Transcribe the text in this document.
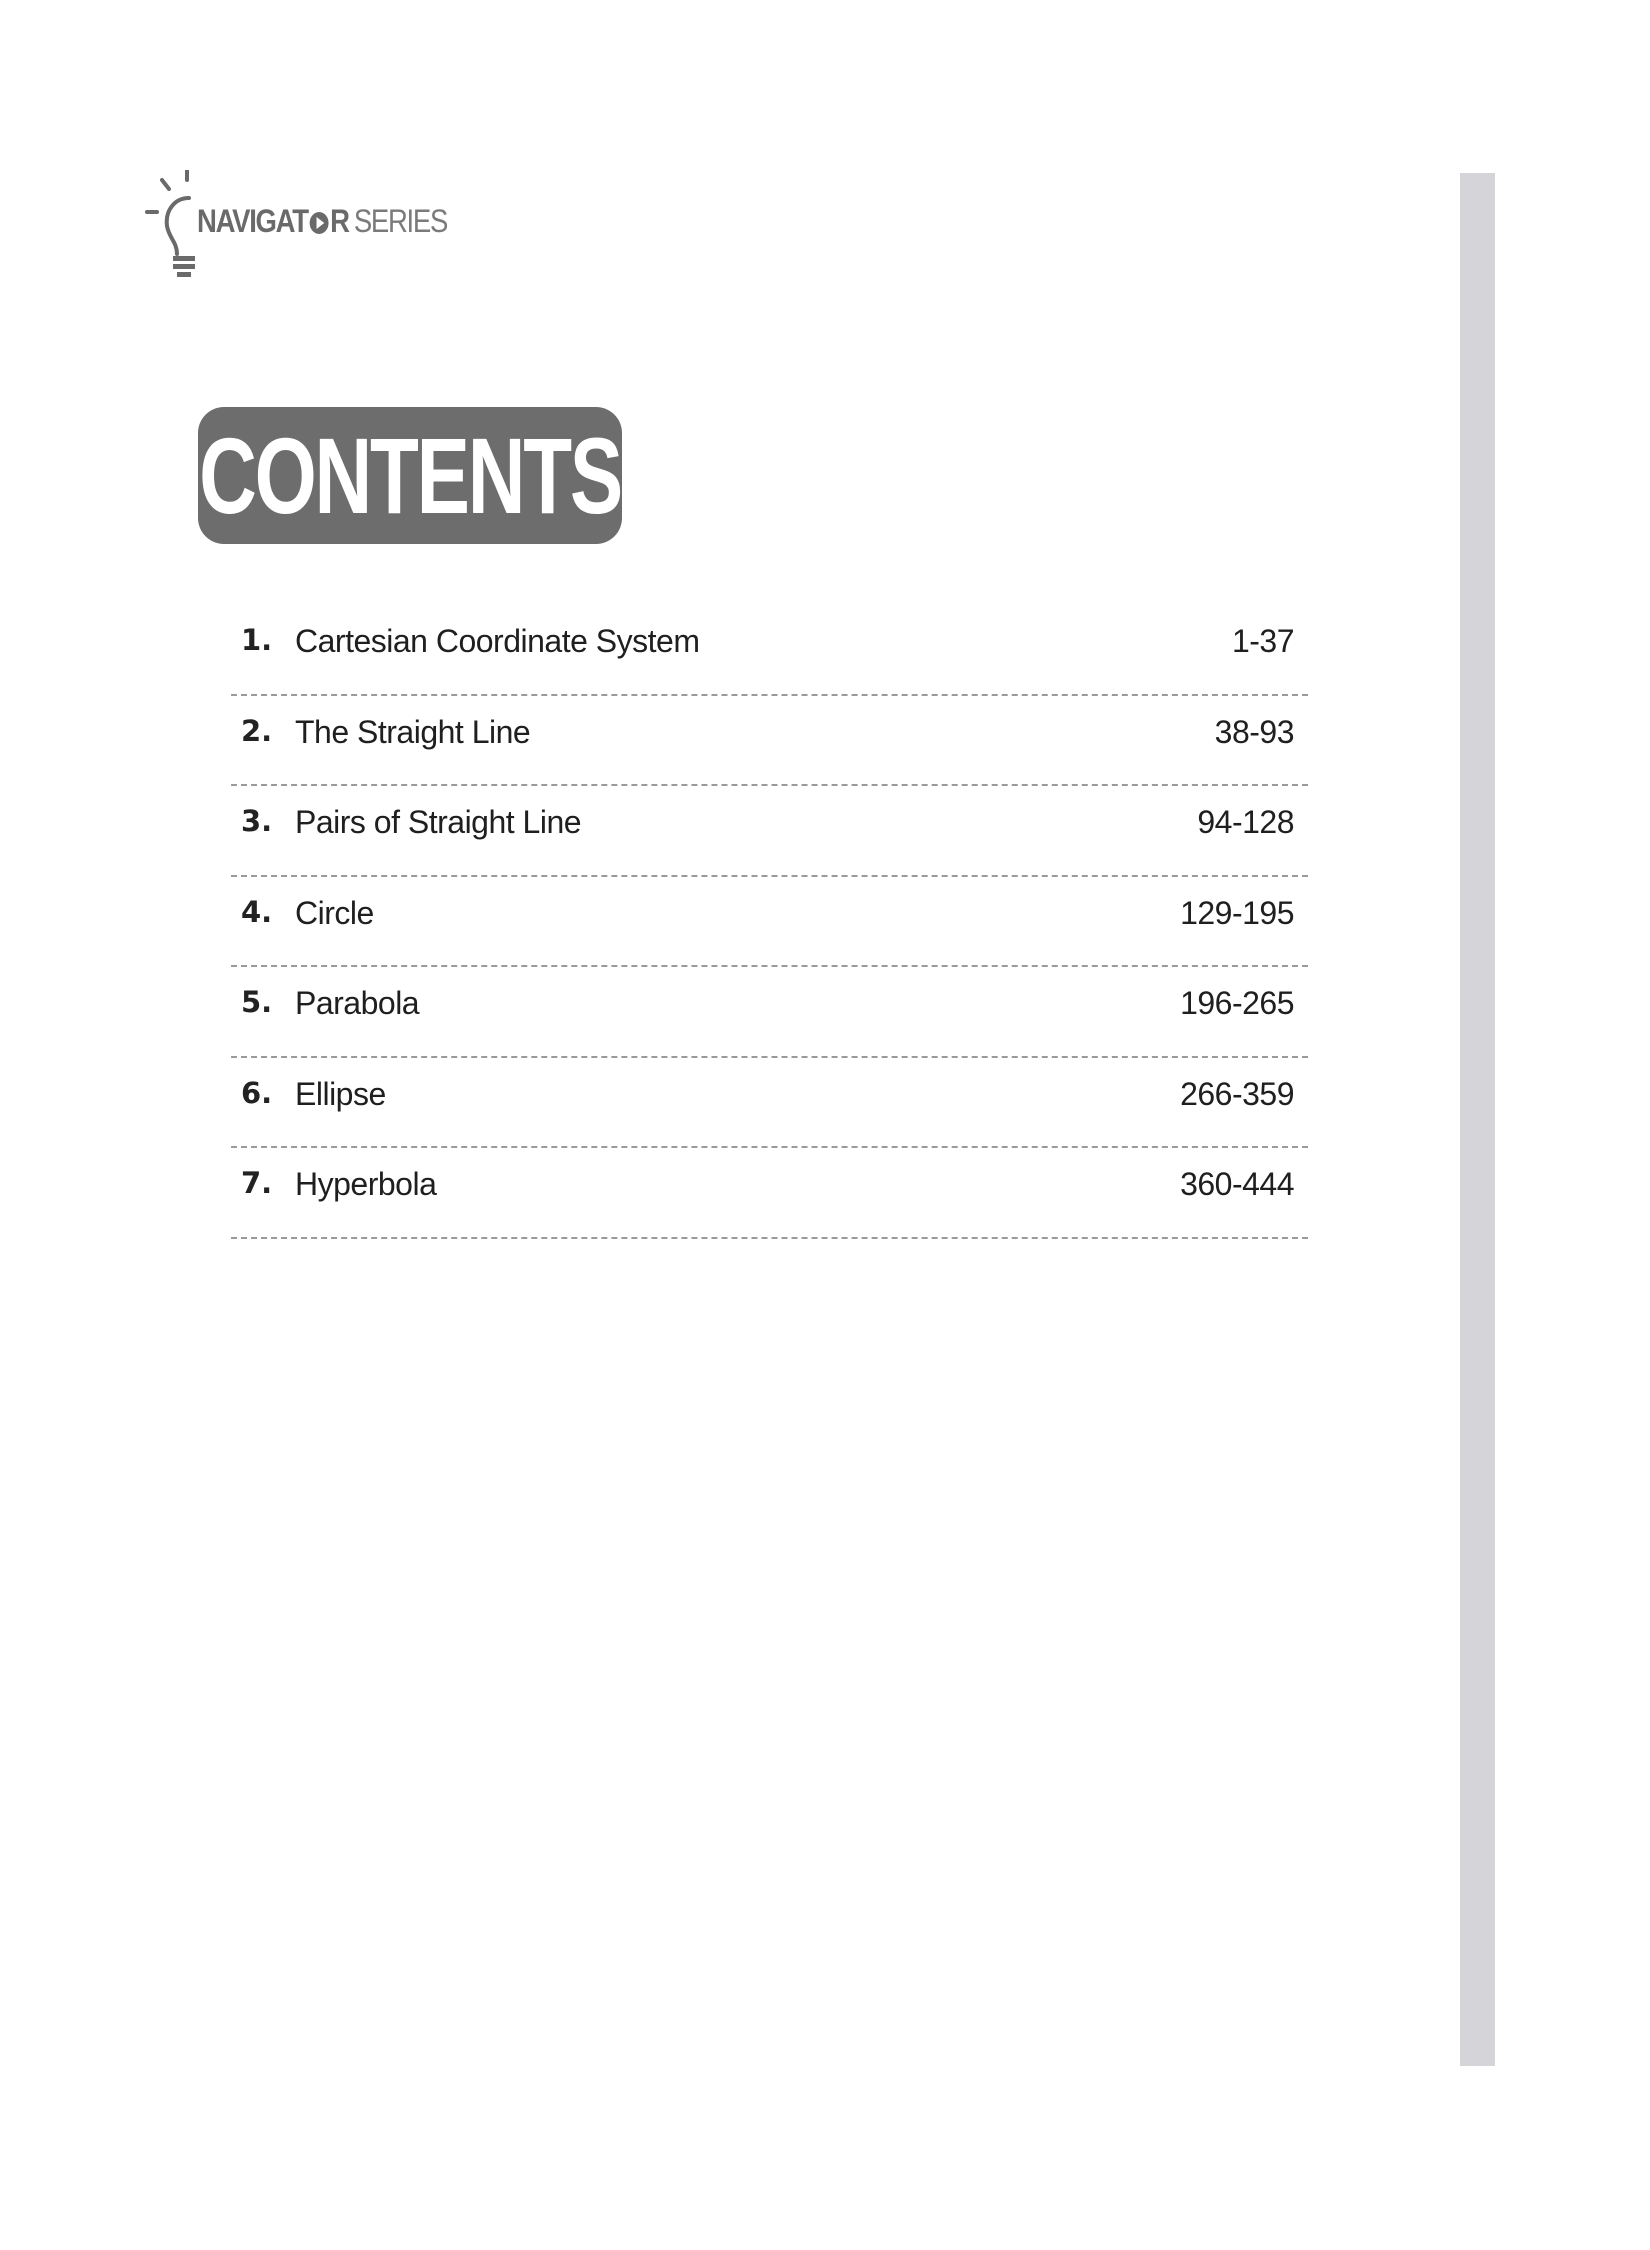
NAVIGAT R SERIES
CONTENTS
1. Cartesian Coordinate System	1-37
2. The Straight Line	38-93
3. Pairs of Straight Line	94-128
4. Circle	129-195
5. Parabola	196-265
6. Ellipse	266-359
7. Hyperbola	360-444
